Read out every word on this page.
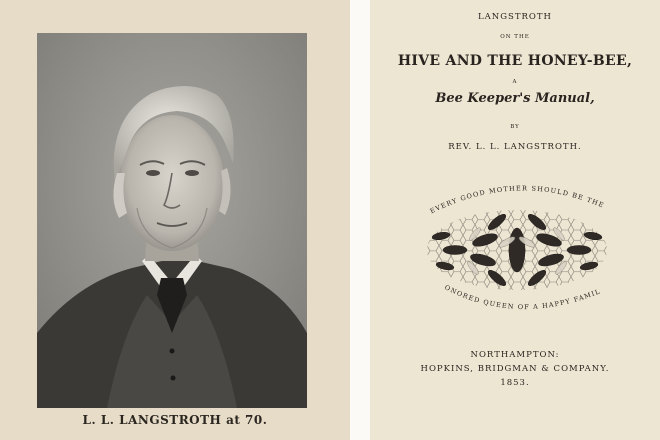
L. L. LANGSTROTH at 70.
LANGSTROTH
ON THE
HIVE AND THE HONEY-BEE,
A
Bee Keeper's Manual,
BY
REV. L. L. LANGSTROTH.
EVERY GOOD MOTHER SHOULD BE THE
ONORED QUEEN OF A HAPPY FAMIL
NORTHAMPTON:
HOPKINS, BRIDGMAN & COMPANY.
1853.
